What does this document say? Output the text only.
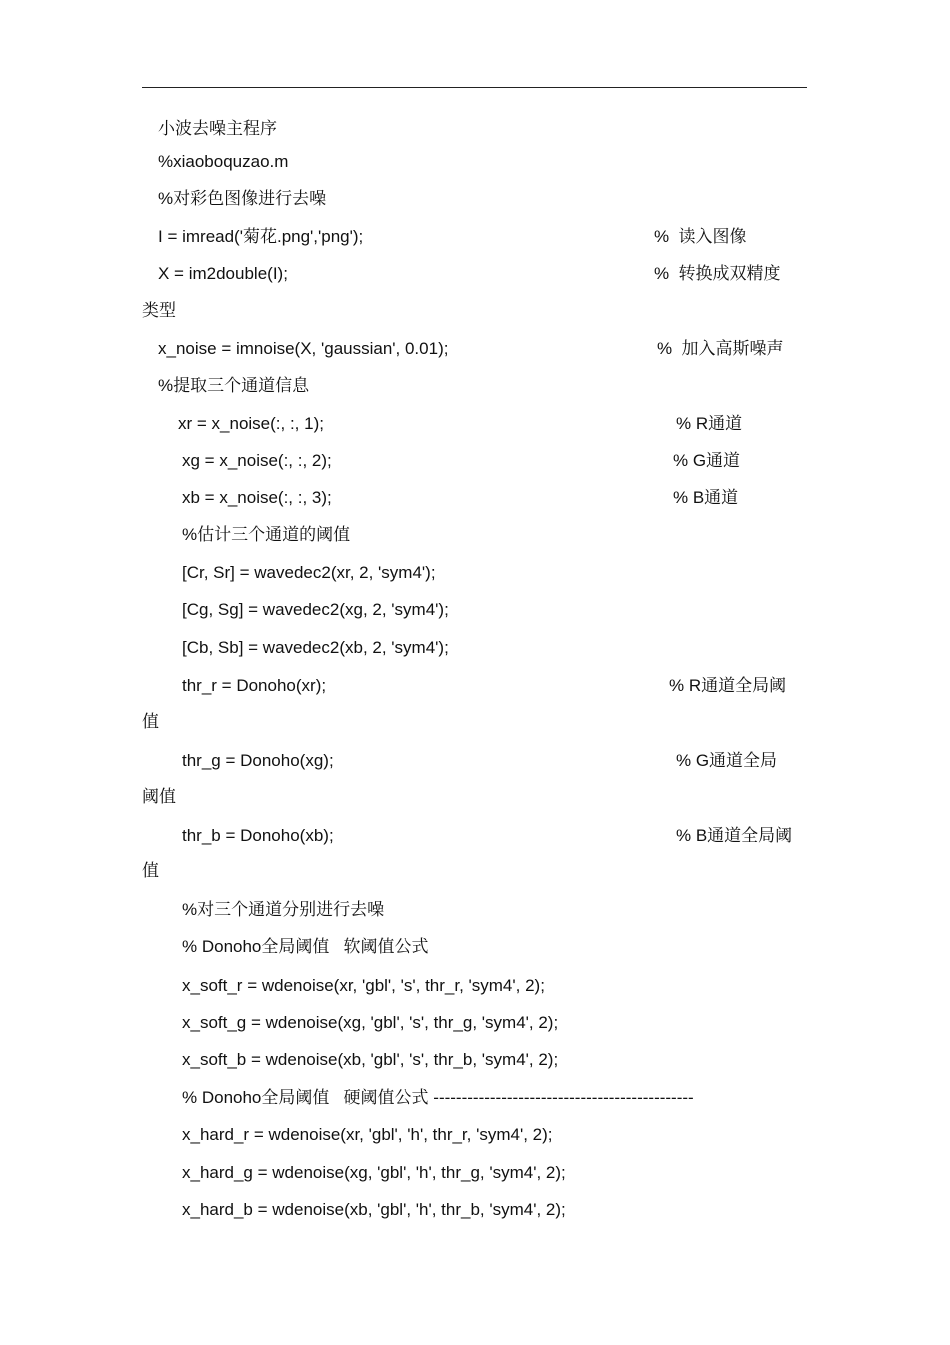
小波去噪主程序
%xiaoboquzao.m
%对彩色图像进行去噪
I = imread('菊花.png','png');	%  读入图像
X = im2double(I);	%  转换成双精度
类型
x_noise = imnoise(X, 'gaussian', 0.01);	%  加入高斯噪声
%提取三个通道信息
xr = x_noise(:, :, 1);	% R通道
xg = x_noise(:, :, 2);	% G通道
xb = x_noise(:, :, 3);	% B通道
%估计三个通道的阈值
[Cr, Sr] = wavedec2(xr, 2, 'sym4');
[Cg, Sg] = wavedec2(xg, 2, 'sym4');
[Cb, Sb] = wavedec2(xb, 2, 'sym4');
thr_r = Donoho(xr);	% R通道全局阈
值
thr_g = Donoho(xg);	% G通道全局
阈值
thr_b = Donoho(xb);	% B通道全局阈
值
%对三个通道分别进行去噪
% Donoho全局阈值   软阈值公式
x_soft_r = wdenoise(xr, 'gbl', 's', thr_r, 'sym4', 2);
x_soft_g = wdenoise(xg, 'gbl', 's', thr_g, 'sym4', 2);
x_soft_b = wdenoise(xb, 'gbl', 's', thr_b, 'sym4', 2);
% Donoho全局阈值   硬阈值公式 ----------------------------------------------
x_hard_r = wdenoise(xr, 'gbl', 'h', thr_r, 'sym4', 2);
x_hard_g = wdenoise(xg, 'gbl', 'h', thr_g, 'sym4', 2);
x_hard_b = wdenoise(xb, 'gbl', 'h', thr_b, 'sym4', 2);
